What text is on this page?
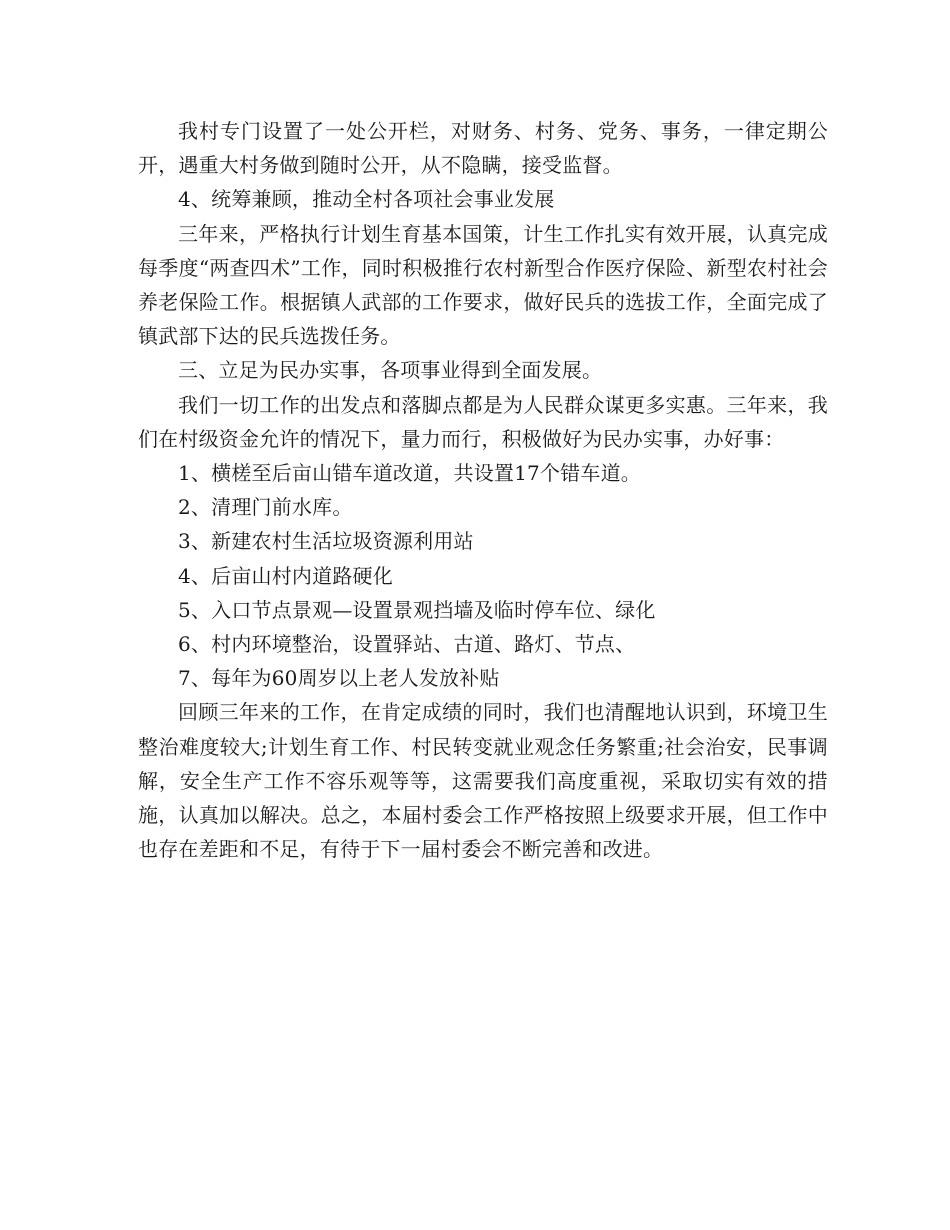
我村专门设置了一处公开栏，对财务、村务、党务、事务，一律定期公开，遇重大村务做到随时公开，从不隐瞒，接受监督。

4、统筹兼顾，推动全村各项社会事业发展

三年来，严格执行计划生育基本国策，计生工作扎实有效开展，认真完成每季度“两查四术”工作，同时积极推行农村新型合作医疗保险、新型农村社会养老保险工作。根据镇人武部的工作要求，做好民兵的选拔工作，全面完成了镇武部下达的民兵选拨任务。

三、立足为民办实事，各项事业得到全面发展。

我们一切工作的出发点和落脚点都是为人民群众谋更多实惠。三年来，我们在村级资金允许的情况下，量力而行，积极做好为民办实事，办好事：

1、横槎至后亩山错车道改道，共设置17个错车道。

2、清理门前水库。

3、新建农村生活垃圾资源利用站

4、后亩山村内道路硬化

5、入口节点景观—设置景观挡墙及临时停车位、绿化

6、村内环境整治，设置驿站、古道、路灯、节点、

7、每年为60周岁以上老人发放补贴

回顾三年来的工作，在肯定成绩的同时，我们也清醒地认识到，环境卫生整治难度较大;计划生育工作、村民转变就业观念任务繁重;社会治安，民事调解，安全生产工作不容乐观等等，这需要我们高度重视，采取切实有效的措施，认真加以解决。总之，本届村委会工作严格按照上级要求开展，但工作中也存在差距和不足，有待于下一届村委会不断完善和改进。
